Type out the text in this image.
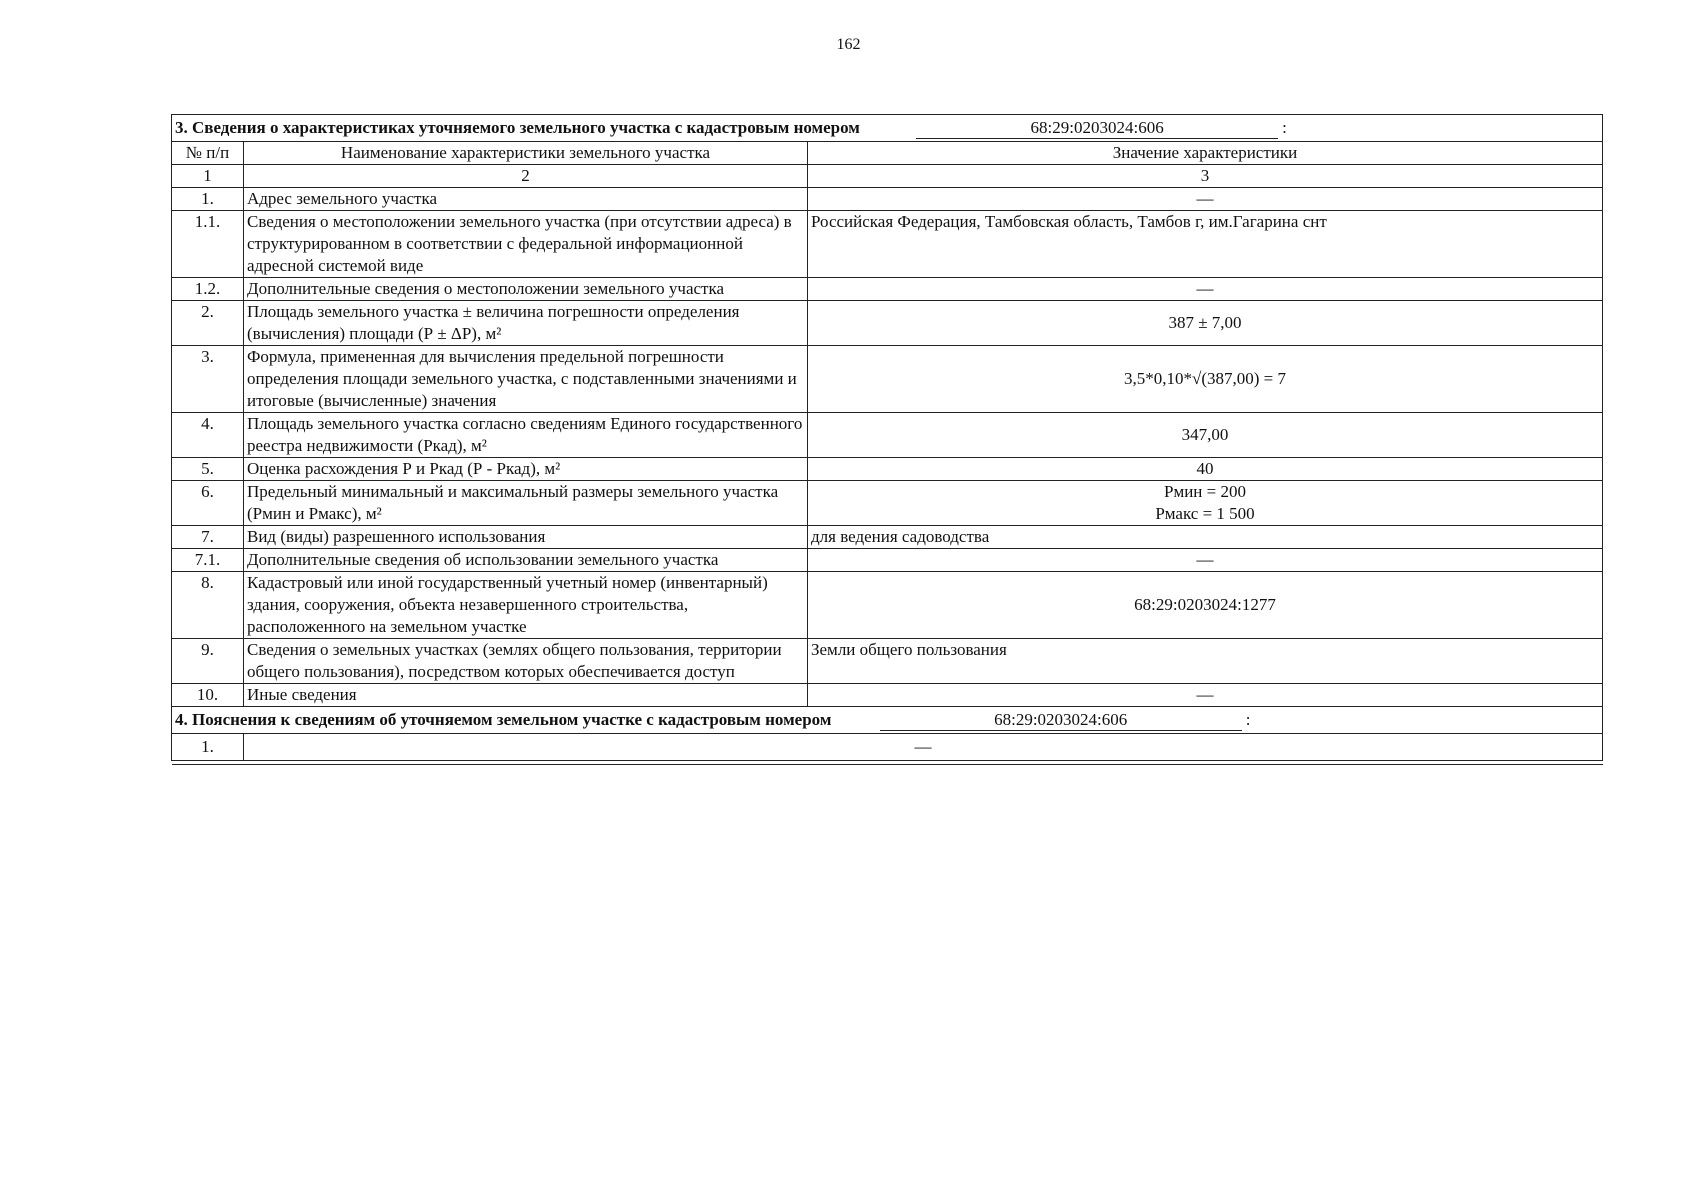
162
3. Сведения о характеристиках уточняемого земельного участка с кадастровым номером 68:29:0203024:606 :		
№ п/п	Наименование характеристики земельного участка	Значение характеристики
1	2	3
1.	Адрес земельного участка	—
1.1.	Сведения о местоположении земельного участка (при отсутствии адреса) в структурированном в соответствии с федеральной информационной адресной системой виде	Российская Федерация, Тамбовская область, Тамбов г, им.Гагарина снт
1.2.	Дополнительные сведения о местоположении земельного участка	—
2.	Площадь земельного участка ± величина погрешности определения (вычисления) площади (Р ± ΔР), м²	387 ± 7,00
3.	Формула, примененная для вычисления предельной погрешности определения площади земельного участка, с подставленными значениями и итоговые (вычисленные) значения	3,5*0,10*√(387,00) = 7
4.	Площадь земельного участка согласно сведениям Единого государственного реестра недвижимости (Ркад), м²	347,00
5.	Оценка расхождения Р и Ркад (Р - Ркад), м²	40
6.	Предельный минимальный и максимальный размеры земельного участка (Рмин и Рмакс), м²	Рмин = 200
Рмакс = 1 500

7.	Вид (виды) разрешенного использования	для ведения садоводства
7.1.	Дополнительные сведения об использовании земельного участка	—
8.	Кадастровый или иной государственный учетный номер (инвентарный) здания, сооружения, объекта незавершенного строительства, расположенного на земельном участке	68:29:0203024:1277
9.	Сведения о земельных участках (землях общего пользования, территории общего пользования), посредством которых обеспечивается доступ	Земли общего пользования
10.	Иные сведения	—
4. Пояснения к сведениям об уточняемом земельном участке с кадастровым номером 68:29:0203024:606 :		
1.	—	
